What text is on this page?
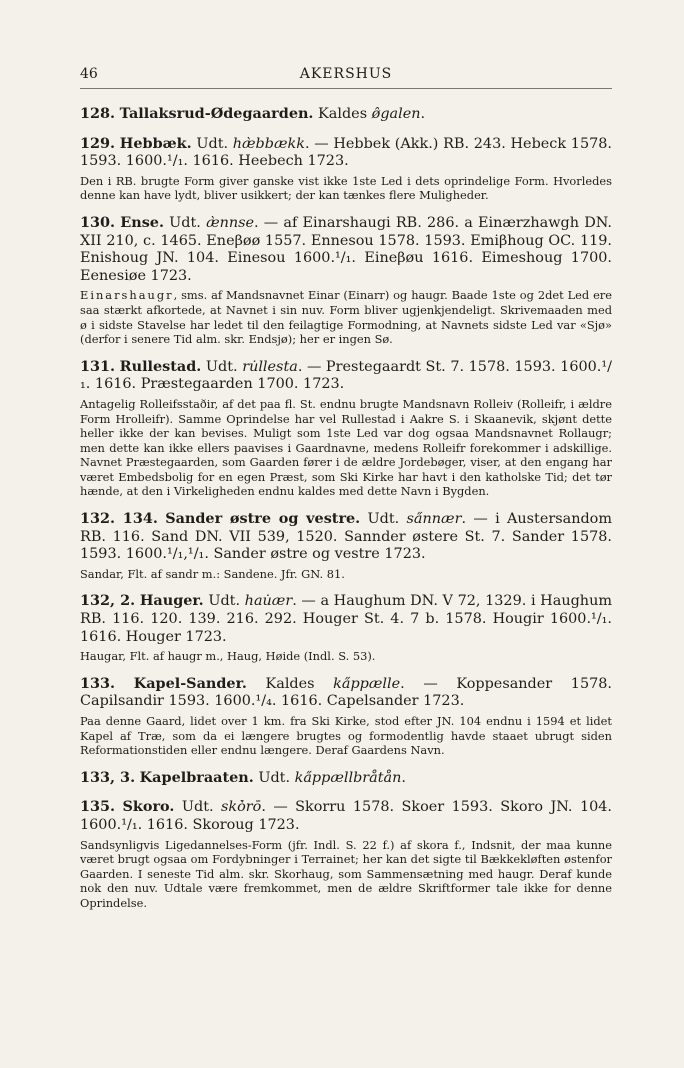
46	AKERSHUS

128. Tallaksrud-Ødegaarden. Kaldes ø̂galen.

129. Hebbæk. Udt. hæ̀bbækk. — Hebbek (Akk.) RB. 243. Hebeck 1578. 1593. 1600.¹/₁. 1616. Heebech 1723.

Den i RB. brugte Form giver ganske vist ikke 1ste Led i dets oprindelige Form. Hvorledes denne kan have lydt, bliver usikkert; der kan tænkes flere Muligheder.

130. Ense. Udt. æ̀nnse. — af Einarshaugi RB. 286. a Einærzhawgh DN. XII 210, c. 1465. Eneβøø 1557. Ennesou 1578. 1593. Emiβhoug OC. 119. Enishoug JN. 104. Einesou 1600.¹/₁. Eineβøu 1616. Eimeshoug 1700. Eenesiøe 1723.

Einarshaugr, sms. af Mandsnavnet Einar (Einarr) og haugr. Baade 1ste og 2det Led ere saa stærkt afkortede, at Navnet i sin nuv. Form bliver ugjenkjendeligt. Skrivemaaden med ø i sidste Stavelse har ledet til den feilagtige Formodning, at Navnets sidste Led var «Sjø» (derfor i senere Tid alm. skr. Endsjø); her er ingen Sø.

131. Rullestad. Udt. ru̇llesta. — Prestegaardt St. 7. 1578. 1593. 1600.¹/₁. 1616. Præstegaarden 1700. 1723.

Antagelig Rolleifsstaðir, af det paa fl. St. endnu brugte Mandsnavn Rolleiv (Rolleifr, i ældre Form Hrolleifr). Samme Oprindelse har vel Rullestad i Aakre S. i Skaanevik, skjønt dette heller ikke der kan bevises. Muligt som 1ste Led var dog ogsaa Mandsnavnet Rollaugr; men dette kan ikke ellers paavises i Gaardnavne, medens Rolleifr forekommer i adskillige. Navnet Præstegaarden, som Gaarden fører i de ældre Jordebøger, viser, at den engang har været Embedsbolig for en egen Præst, som Ski Kirke har havt i den katholske Tid; det tør hænde, at den i Virkeligheden endnu kaldes med dette Navn i Bygden.

132. 134. Sander østre og vestre. Udt. sa̋nnær. — i Austersandom RB. 116. Sand DN. VII 539, 1520. Sannder østere St. 7. Sander 1578. 1593. 1600.¹/₁,¹/₁. Sander østre og vestre 1723.

Sandar, Flt. af sandr m.: Sandene. Jfr. GN. 81.

132, 2. Hauger. Udt. hau̇ær. — a Haughum DN. V 72, 1329. i Haughum RB. 116. 120. 139. 216. 292. Houger St. 4. 7 b. 1578. Hougir 1600.¹/₁. 1616. Houger 1723.

Haugar, Flt. af haugr m., Haug, Høide (Indl. S. 53).

133. Kapel-Sander. Kaldes ka̋ppælle. — Koppesander 1578. Capilsandir 1593. 1600.¹/₄. 1616. Capelsander 1723.

Paa denne Gaard, lidet over 1 km. fra Ski Kirke, stod efter JN. 104 endnu i 1594 et lidet Kapel af Træ, som da ei længere brugtes og formodentlig havde staaet ubrugt siden Reformationstiden eller endnu længere. Deraf Gaardens Navn.

133, 3. Kapelbraaten. Udt. ka̋ppællbråtån.

135. Skoro. Udt. skȯ̀rō. — Skorru 1578. Skoer 1593. Skoro JN. 104. 1600.¹/₁. 1616. Skoroug 1723.

Sandsynligvis Ligedannelses-Form (jfr. Indl. S. 22 f.) af skora f., Indsnit, der maa kunne været brugt ogsaa om Fordybninger i Terrainet; her kan det sigte til Bækkekløften østenfor Gaarden. I seneste Tid alm. skr. Skorhaug, som Sammensætning med haugr. Deraf kunde nok den nuv. Udtale være fremkommet, men de ældre Skriftformer tale ikke for denne Oprindelse.
